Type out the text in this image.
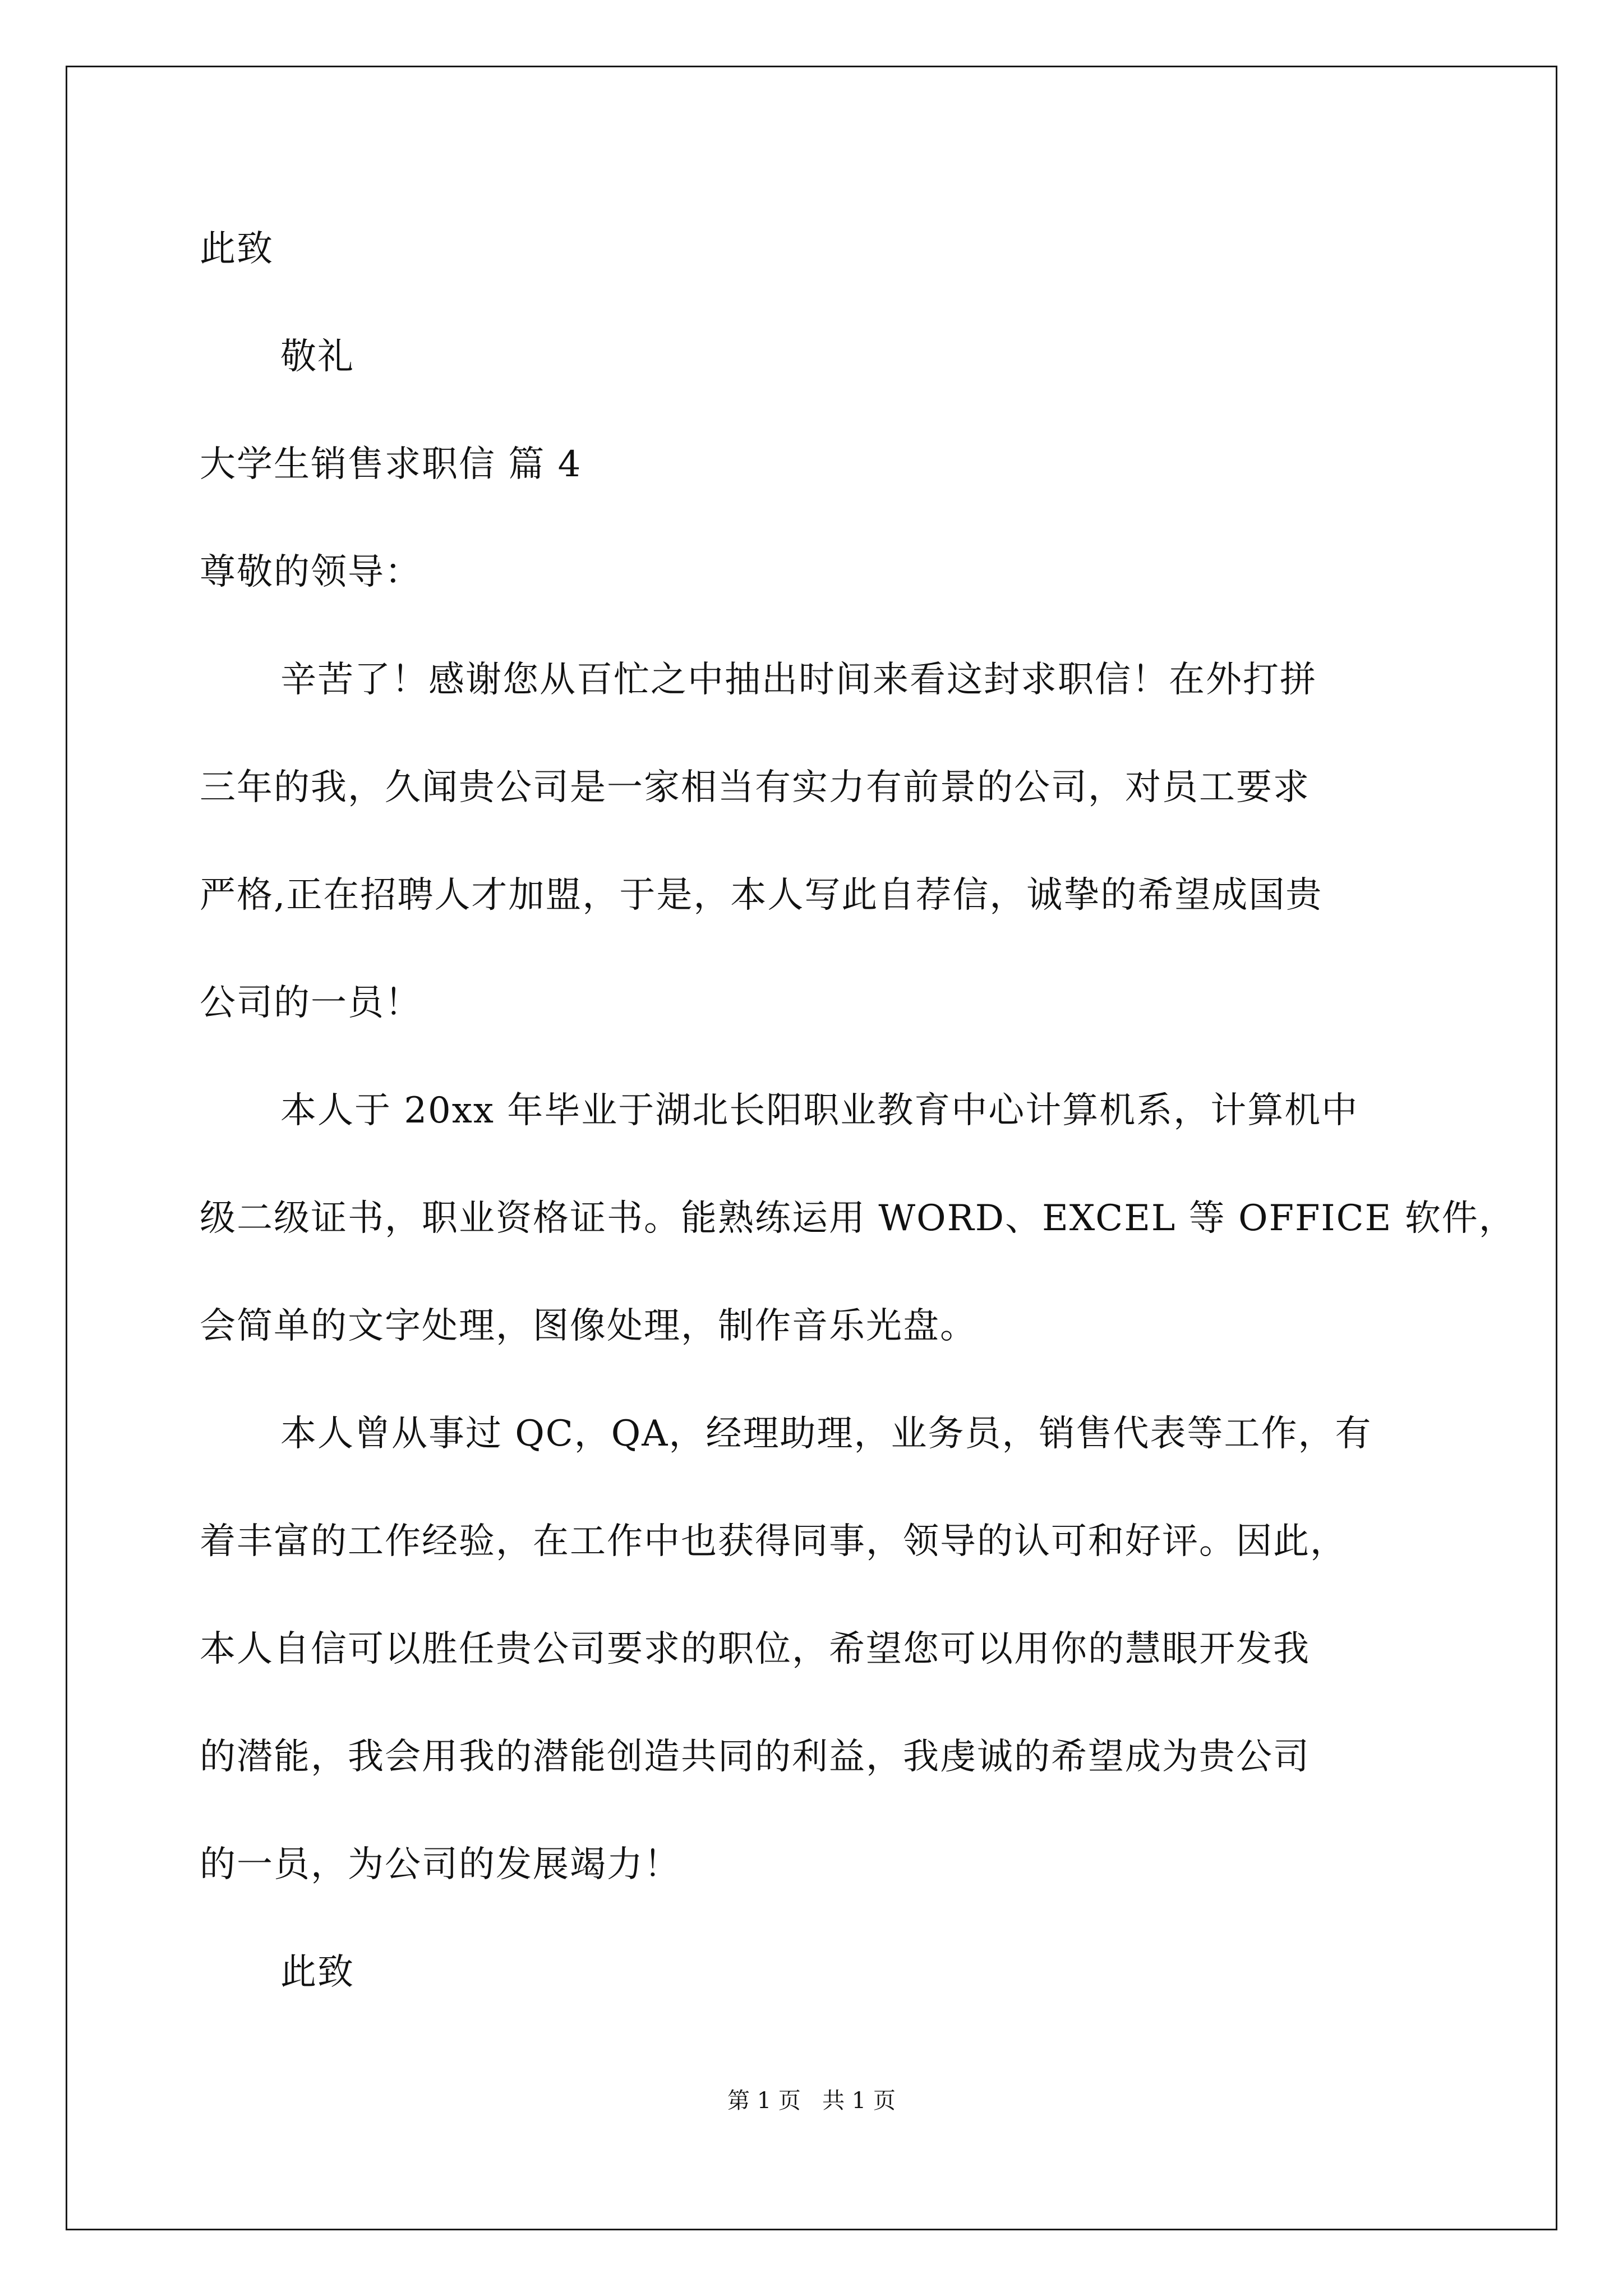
此致
敬礼
大学生销售求职信 篇 4
尊敬的领导：
辛苦了！感谢您从百忙之中抽出时间来看这封求职信！在外打拼
三年的我，久闻贵公司是一家相当有实力有前景的公司，对员工要求
严格,正在招聘人才加盟，于是，本人写此自荐信，诚挚的希望成国贵
公司的一员！
本人于 20xx 年毕业于湖北长阳职业教育中心计算机系，计算机中
级二级证书，职业资格证书。能熟练运用 WORD、EXCEL 等 OFFICE 软件，
会简单的文字处理，图像处理，制作音乐光盘。
本人曾从事过 QC，QA，经理助理，业务员，销售代表等工作，有
着丰富的工作经验，在工作中也获得同事，领导的认可和好评。因此，
本人自信可以胜任贵公司要求的职位，希望您可以用你的慧眼开发我
的潜能，我会用我的潜能创造共同的利益，我虔诚的希望成为贵公司
的一员，为公司的发展竭力！
此致
第 1 页   共 1 页
